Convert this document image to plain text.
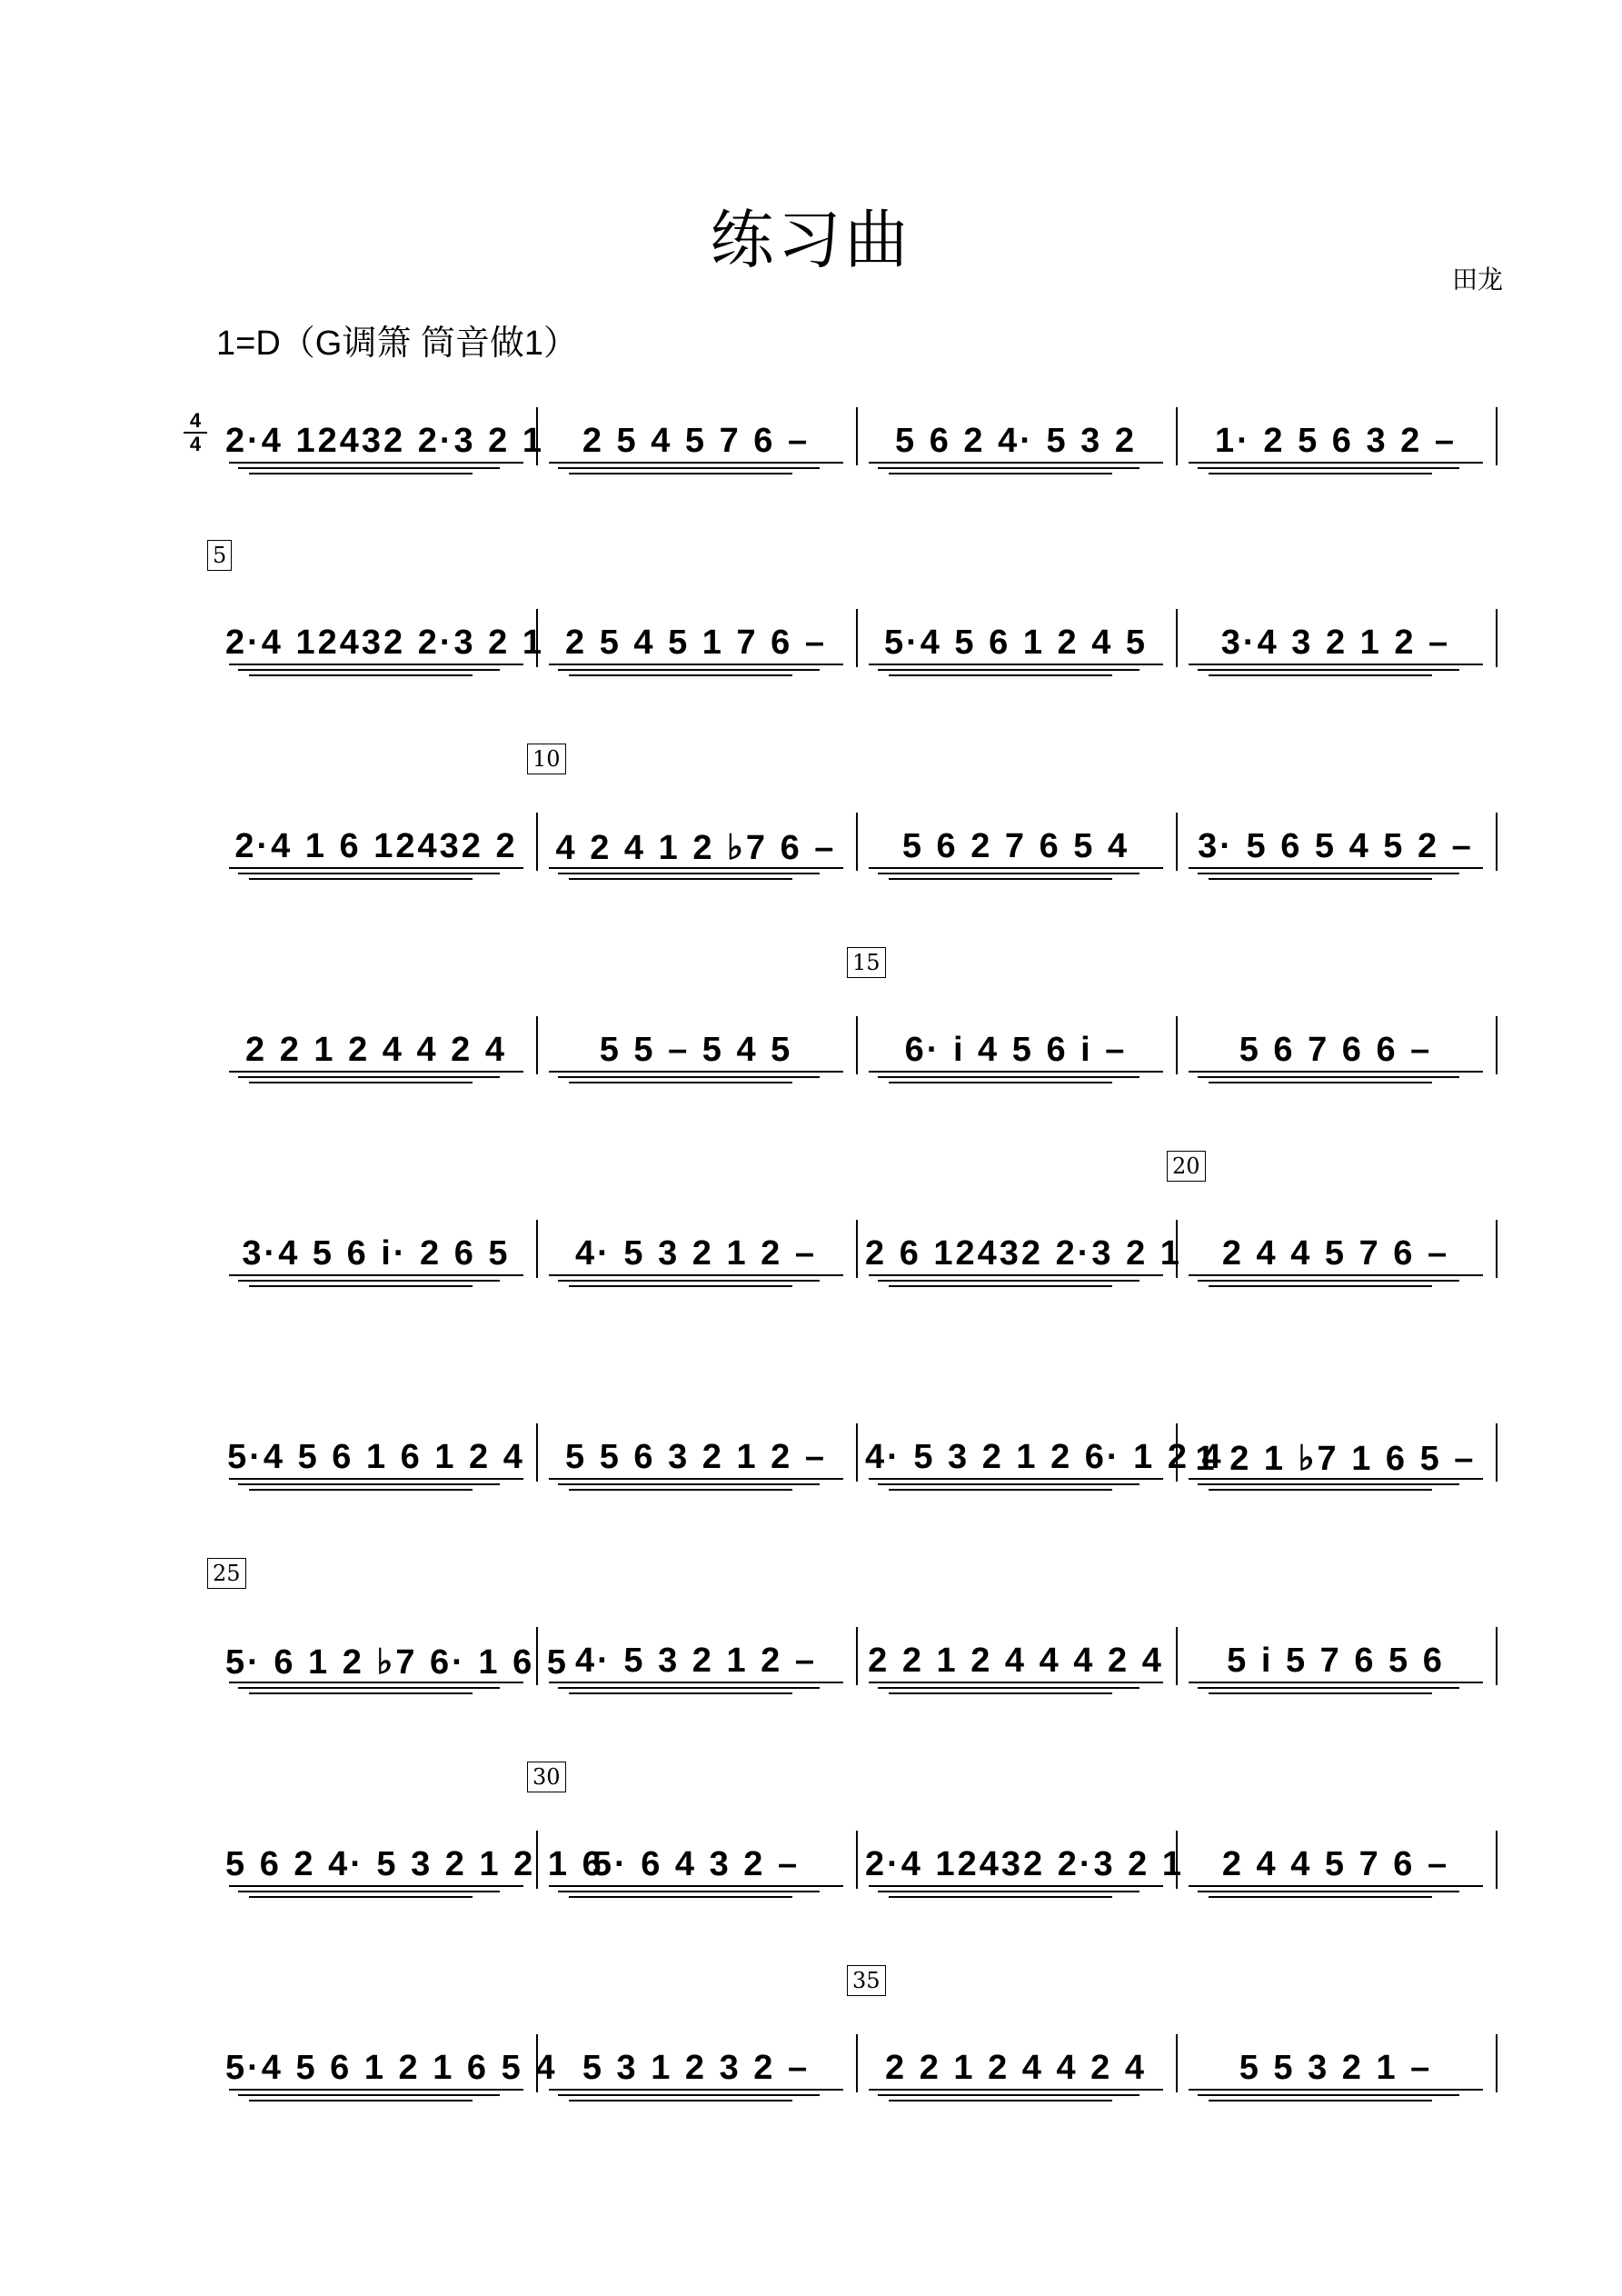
练习曲
田龙
1=D（G调箫 筒音做1）
4
4 2·4 12432 2·3 2 1	2 5 4 5 7 6 –	5 6 2 4· 5 3 2	1· 2 5 6 3 2 –
5
2·4 12432 2·3 2 1 2 5 4 5 1 7 6 –	5·4 5 6 1 2 4 5	3·4 3 2 1 2 –
2·4 1 6 12432 2
10
4 2 4 1 2 ♭7 6 –	5 6 2 7 6 5 4	3· 5 6 5 4 5 2 –
2 2 1 2 4 4 2 4	5 5 – 5 4 5
15
6· i 4 5 6 i –	5 6 7 6 6 –
3·4 5 6 i· 2 6 5	4· 5 3 2 1 2 –	2 6 12432 2·3 2 1
20
2 4 4 5 7 6 –
5·4 5 6 1 6 1 2 4	5 5 6 3 2 1 2 –	4· 5 3 2 1 2 6· 1 2 4
1 2 1 ♭7 1 6 5 –
25
5· 6 1 2 ♭7 6· 1 6 5 4· 5 3 2 1 2 –	2 2 1 2 4 4 4 2 4	5 i 5 7 6 5 6
5 6 2 4· 5 3 2 1 2 1 6
30
5· 6 4 3 2 –	2·4 12432 2·3 2 1	2 4 4 5 7 6 –
5·4 5 6 1 2 1 6 5 4 5 3 1 2 3 2 –
35
2 2 1 2 4 4 2 4	5 5 3 2 1 –
